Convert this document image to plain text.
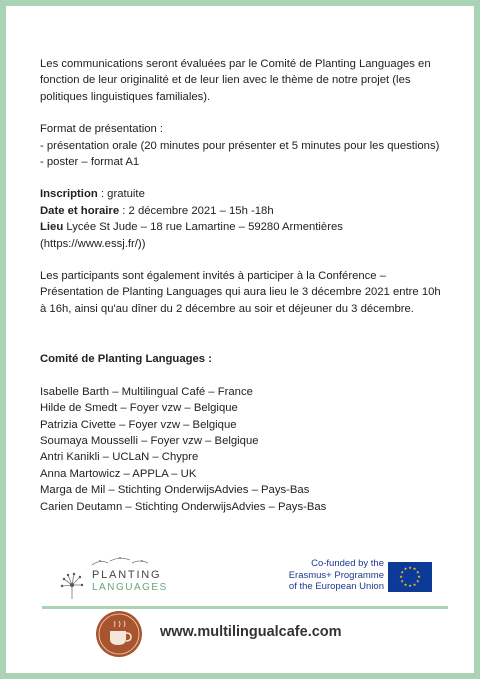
Les communications seront évaluées par le Comité de Planting Languages en fonction de leur originalité et de leur lien avec le thème de notre projet (les politiques linguistiques familiales).

Format de présentation :

- présentation orale (20 minutes pour présenter et 5 minutes pour les questions)

- poster – format A1

Inscription : gratuite

Date et horaire : 2 décembre 2021 – 15h -18h

Lieu Lycée St Jude – 18 rue Lamartine – 59280 Armentières (https://www.essj.fr/))

Les participants sont également invités à participer à la Conférence – Présentation de Planting Languages qui aura lieu le 3 décembre 2021 entre 10h à 16h, ainsi qu'au dîner du 2 décembre au soir et déjeuner du 3 décembre.

Comité de Planting Languages :

Isabelle Barth – Multilingual Café – France

Hilde de Smedt – Foyer vzw – Belgique

Patrizia Civette – Foyer vzw – Belgique

Soumaya Mousselli – Foyer vzw – Belgique

Antri Kanikli – UCLaN – Chypre

Anna Martowicz – APPLA – UK

Marga de Mil – Stichting OnderwijsAdvies – Pays-Bas

Carien Deutamn – Stichting OnderwijsAdvies – Pays-Bas

PLANTING
LANGUAGES
Co-funded by the
Erasmus+ Programme
of the European Union
★ ★
★
★
★
★
★
★
★
★
★
★
www.multilingualcafe.com
